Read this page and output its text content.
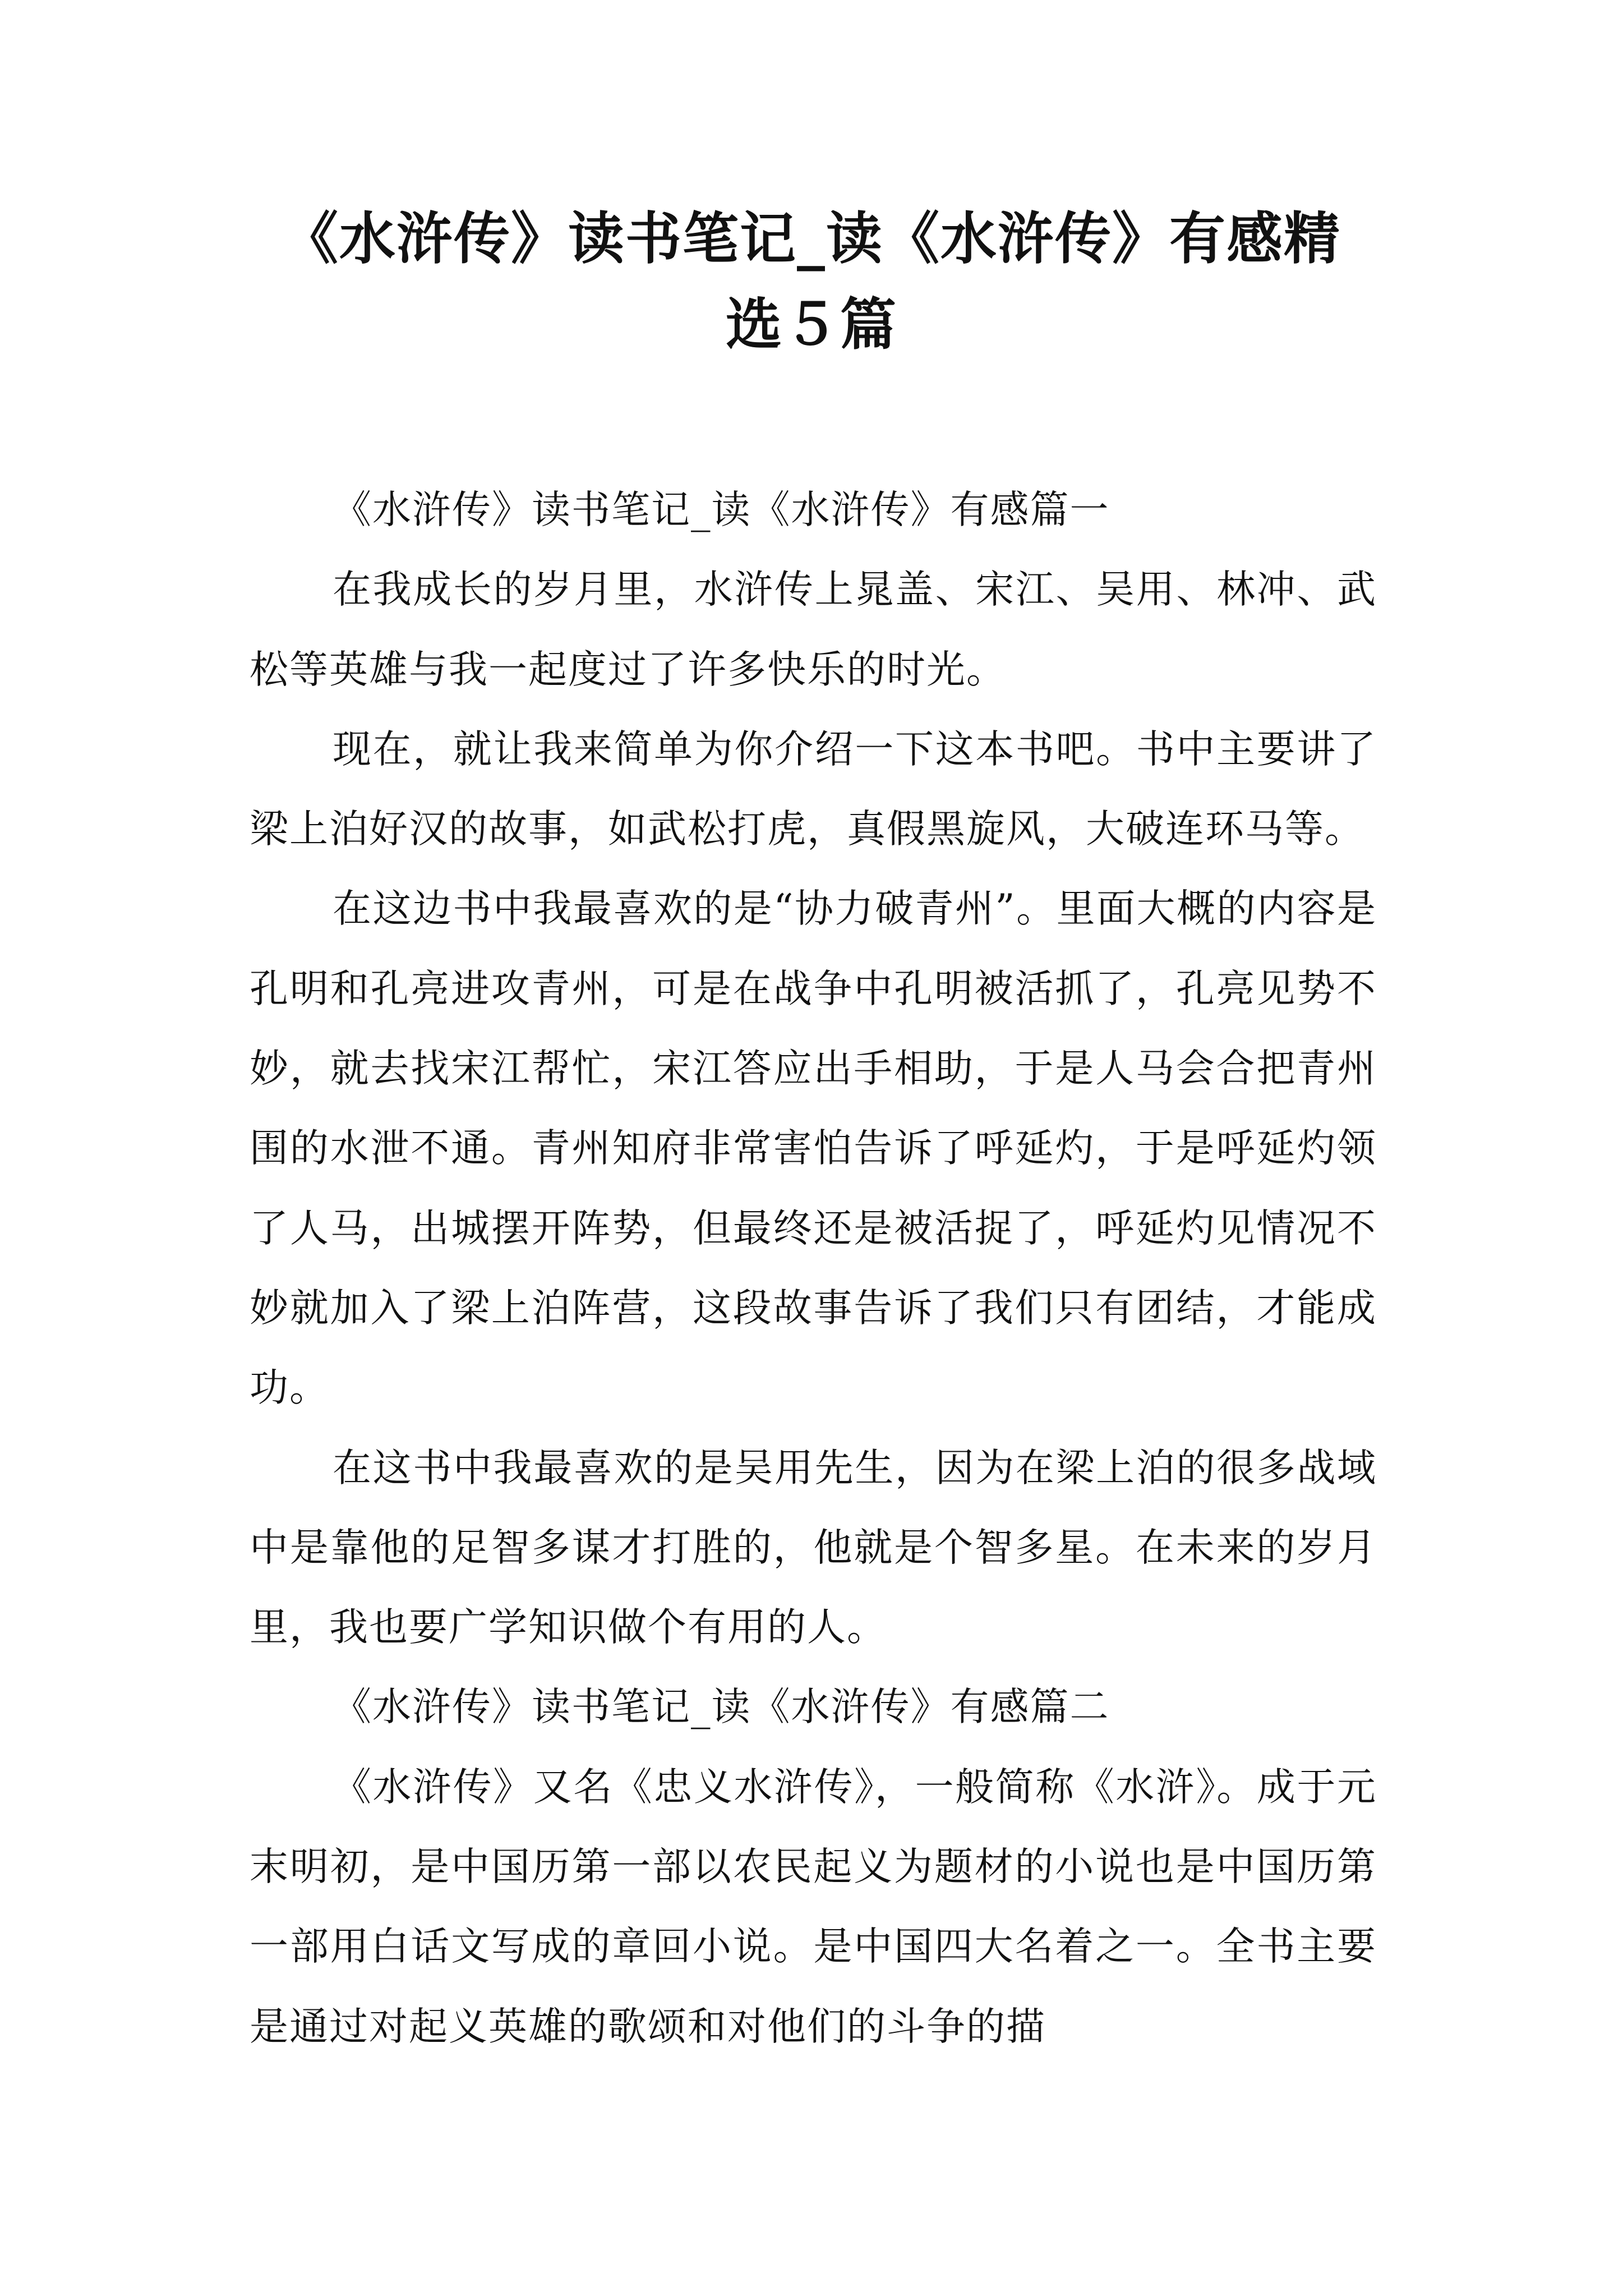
《水浒传》读书笔记_读《水浒传》有感精
选５篇

《水浒传》读书笔记_读《水浒传》有感篇一

在我成长的岁月里，水浒传上晁盖、宋江、吴用、林冲、武松等英雄与我一起度过了许多快乐的时光。

现在，就让我来简单为你介绍一下这本书吧。书中主要讲了梁上泊好汉的故事，如武松打虎，真假黑旋风，大破连环马等。

在这边书中我最喜欢的是“协力破青州”。里面大概的内容是孔明和孔亮进攻青州，可是在战争中孔明被活抓了，孔亮见势不妙，就去找宋江帮忙，宋江答应出手相助，于是人马会合把青州围的水泄不通。青州知府非常害怕告诉了呼延灼，于是呼延灼领了人马，出城摆开阵势，但最终还是被活捉了，呼延灼见情况不妙就加入了梁上泊阵营，这段故事告诉了我们只有团结，才能成功。

在这书中我最喜欢的是吴用先生，因为在梁上泊的很多战域中是靠他的足智多谋才打胜的，他就是个智多星。在未来的岁月里，我也要广学知识做个有用的人。

《水浒传》读书笔记_读《水浒传》有感篇二

《水浒传》又名《忠义水浒传》，一般简称《水浒》。成于元末明初，是中国历第一部以农民起义为题材的小说也是中国历第一部用白话文写成的章回小说。是中国四大名着之一。全书主要是通过对起义英雄的歌颂和对他们的斗争的描
